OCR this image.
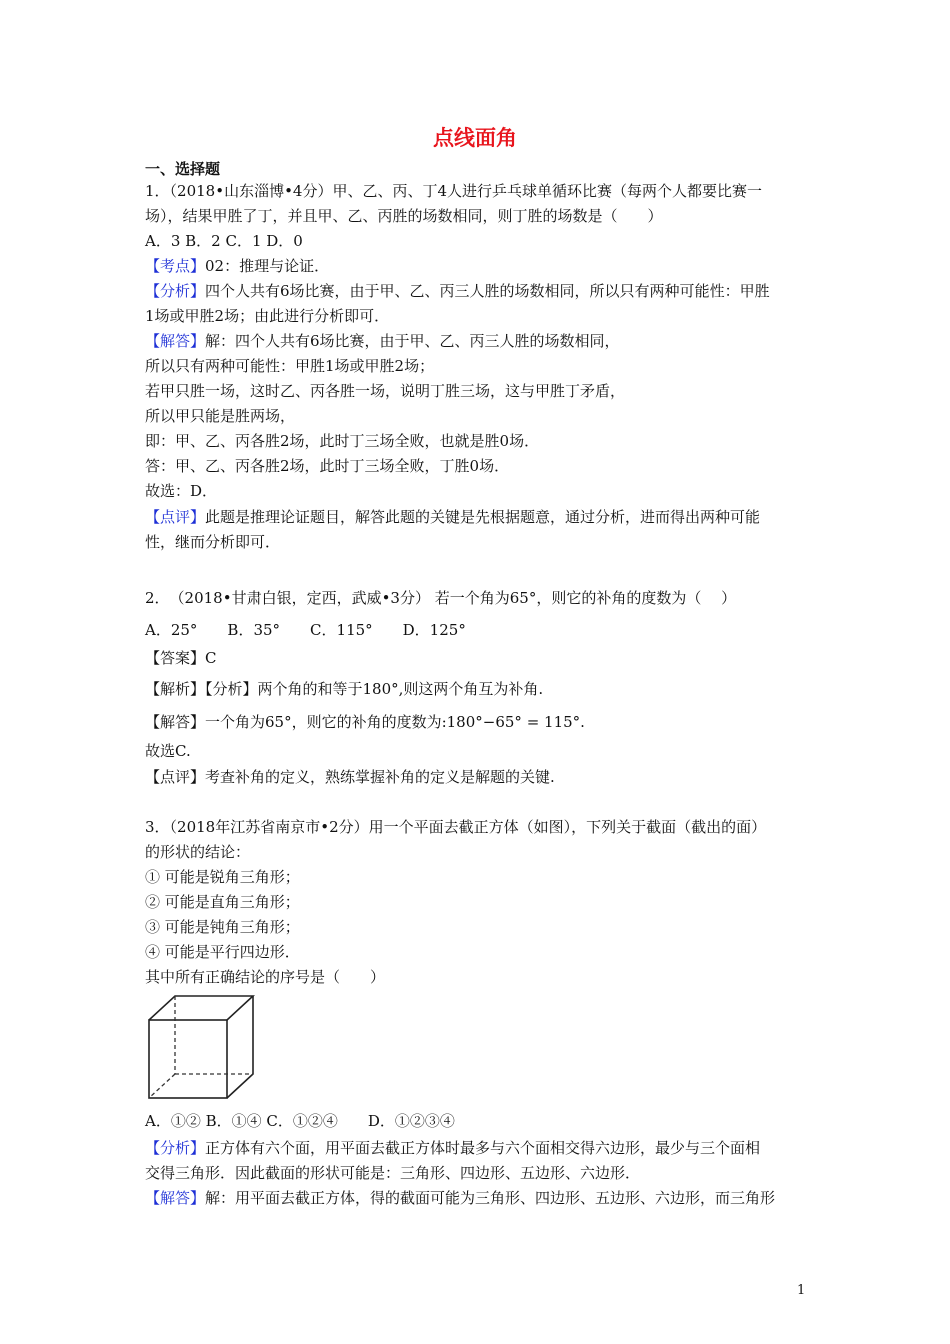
点线面角
一、选择题
1．（2018•山东淄博•4分）甲、乙、丙、丁4人进行乒乓球单循环比赛（每两个人都要比赛一
场），结果甲胜了丁，并且甲、乙、丙胜的场数相同，则丁胜的场数是（　　）
A．3 B．2 C．1 D．0
【考点】02：推理与论证．
【分析】四个人共有6场比赛，由于甲、乙、丙三人胜的场数相同，所以只有两种可能性：甲胜
1场或甲胜2场；由此进行分析即可．
【解答】解：四个人共有6场比赛，由于甲、乙、丙三人胜的场数相同，
所以只有两种可能性：甲胜1场或甲胜2场；
若甲只胜一场，这时乙、丙各胜一场，说明丁胜三场，这与甲胜丁矛盾，
所以甲只能是胜两场，
即：甲、乙、丙各胜2场，此时丁三场全败，也就是胜0场．
答：甲、乙、丙各胜2场，此时丁三场全败，丁胜0场．
故选：D．
【点评】此题是推理论证题目，解答此题的关键是先根据题意，通过分析，进而得出两种可能
性，继而分析即可．
2．　（2018•甘肃白银，定西，武威•3分） 若一个角为65°，则它的补角的度数为（　 ）
A．25° B．35° C．115° D．125°
【答案】C
【解析】【分析】两个角的和等于180°,则这两个角互为补角.
【解答】一个角为65°，则它的补角的度数为:180°−65° = 115°.
故选C.
【点评】考查补角的定义，熟练掌握补角的定义是解题的关键.
3．（2018年江苏省南京市•2分）用一个平面去截正方体（如图），下列关于截面（截出的面）
的形状的结论：
① 可能是锐角三角形；
② 可能是直角三角形；
③ 可能是钝角三角形；
④ 可能是平行四边形．
其中所有正确结论的序号是（　　）
A．①② B．①④ C．①②④　　D．①②③④
【分析】正方体有六个面，用平面去截正方体时最多与六个面相交得六边形，最少与三个面相
交得三角形．因此截面的形状可能是：三角形、四边形、五边形、六边形．
【解答】解：用平面去截正方体，得的截面可能为三角形、四边形、五边形、六边形，而三角形
1
